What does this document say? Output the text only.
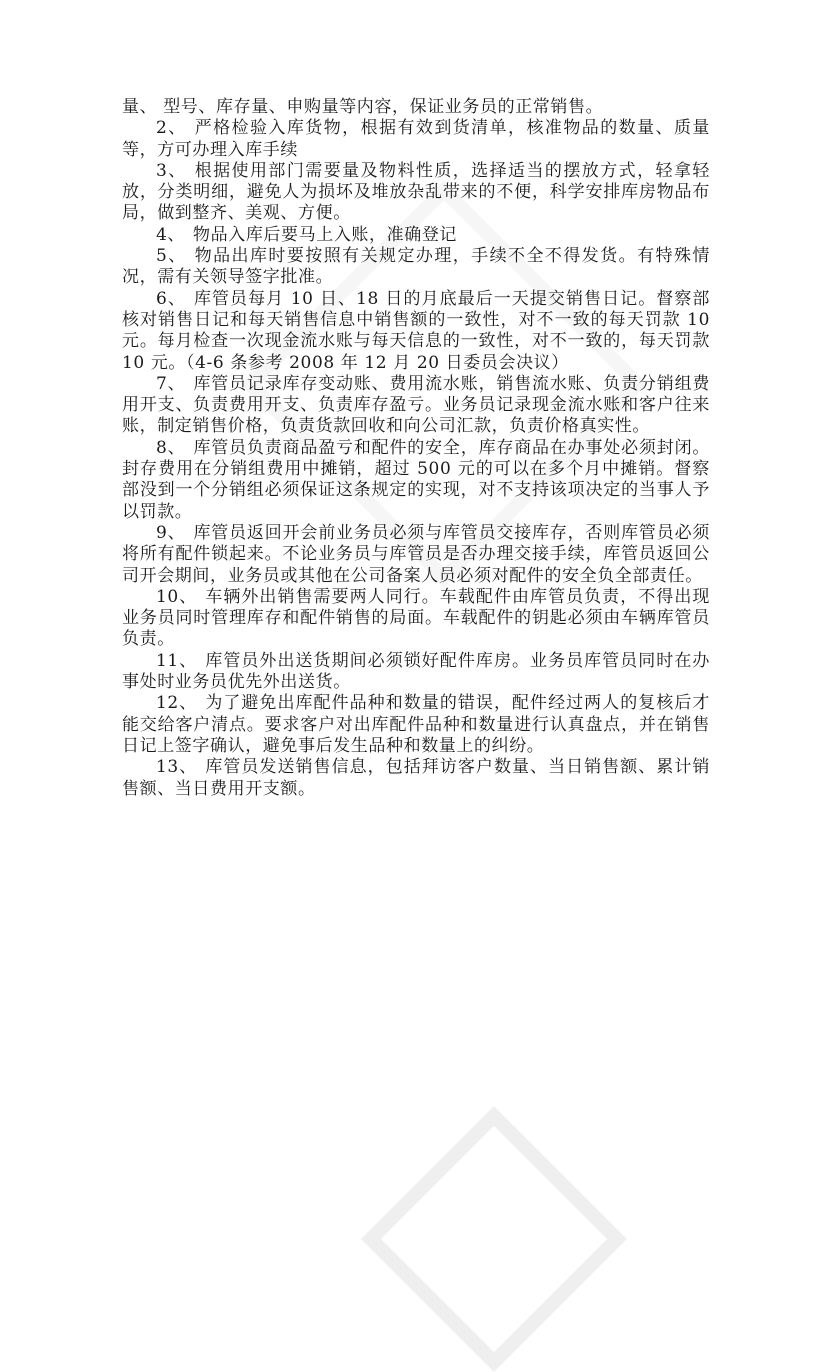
量、 型号、库存量、申购量等内容，保证业务员的正常销售。

2、 严格检验入库货物，根据有效到货清单，核准物品的数量、质量等，方可办理入库手续

3、 根据使用部门需要量及物料性质，选择适当的摆放方式，轻拿轻放，分类明细，避免人为损坏及堆放杂乱带来的不便，科学安排库房物品布局，做到整齐、美观、方便。

4、 物品入库后要马上入账，准确登记

5、 物品出库时要按照有关规定办理，手续不全不得发货。有特殊情况，需有关领导签字批准。

6、 库管员每月 10 日、18 日的月底最后一天提交销售日记。督察部核对销售日记和每天销售信息中销售额的一致性，对不一致的每天罚款 10 元。每月检查一次现金流水账与每天信息的一致性，对不一致的，每天罚款 10 元。（4-6 条参考 2008 年 12 月 20 日委员会决议）

7、 库管员记录库存变动账、费用流水账，销售流水账、负责分销组费用开支、负责费用开支、负责库存盈亏。业务员记录现金流水账和客户往来账，制定销售价格，负责货款回收和向公司汇款，负责价格真实性。

8、 库管员负责商品盈亏和配件的安全，库存商品在办事处必须封闭。封存费用在分销组费用中摊销，超过 500 元的可以在多个月中摊销。督察部没到一个分销组必须保证这条规定的实现，对不支持该项决定的当事人予以罚款。

9、 库管员返回开会前业务员必须与库管员交接库存，否则库管员必须将所有配件锁起来。不论业务员与库管员是否办理交接手续，库管员返回公司开会期间，业务员或其他在公司备案人员必须对配件的安全负全部责任。

10、 车辆外出销售需要两人同行。车载配件由库管员负责，不得出现业务员同时管理库存和配件销售的局面。车载配件的钥匙必须由车辆库管员负责。

11、 库管员外出送货期间必须锁好配件库房。业务员库管员同时在办事处时业务员优先外出送货。

12、 为了避免出库配件品种和数量的错误，配件经过两人的复核后才能交给客户清点。要求客户对出库配件品种和数量进行认真盘点，并在销售日记上签字确认，避免事后发生品种和数量上的纠纷。

13、 库管员发送销售信息，包括拜访客户数量、当日销售额、累计销售额、当日费用开支额。
